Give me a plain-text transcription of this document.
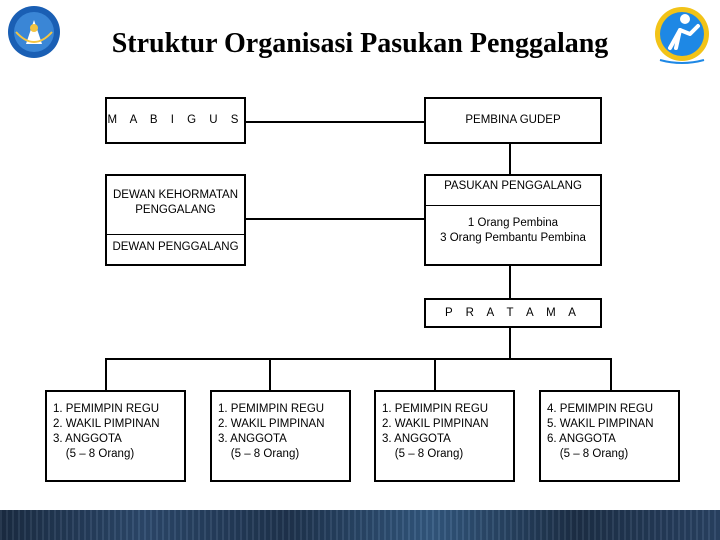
Struktur Organisasi Pasukan Penggalang
M A B I G U S	PEMBINA GUDEP
DEWAN KEHORMATAN
PENGGALANG
DEWAN PENGGALANG
PASUKAN PENGGALANG
1 Orang Pembina
3 Orang Pembantu Pembina
P R A T A M A
1. PEMIMPIN REGU
2. WAKIL PIMPINAN
3. ANGGOTA
(5 – 8 Orang)
1. PEMIMPIN REGU
2. WAKIL PIMPINAN
3. ANGGOTA
(5 – 8 Orang)
1. PEMIMPIN REGU
2. WAKIL PIMPINAN
3. ANGGOTA
(5 – 8 Orang)
4. PEMIMPIN REGU
5. WAKIL PIMPINAN
6. ANGGOTA
(5 – 8 Orang)
